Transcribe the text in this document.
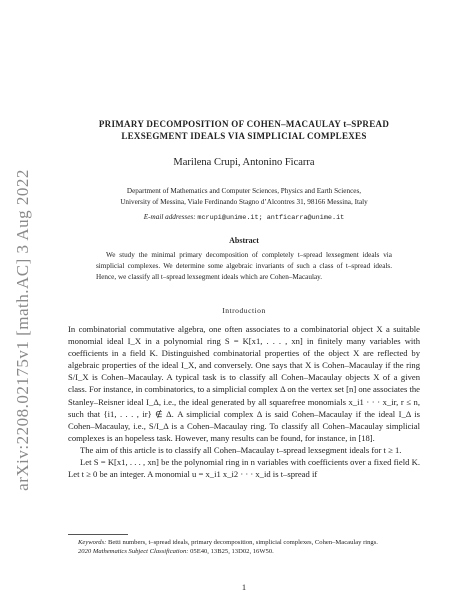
arXiv:2208.02175v1 [math.AC] 3 Aug 2022
PRIMARY DECOMPOSITION OF COHEN–MACAULAY t–SPREAD
LEXSEGMENT IDEALS VIA SIMPLICIAL COMPLEXES
Marilena Crupi, Antonino Ficarra
Department of Mathematics and Computer Sciences, Physics and Earth Sciences,
University of Messina, Viale Ferdinando Stagno d’Alcontres 31, 98166 Messina, Italy
E-mail addresses: mcrupi@unime.it; antficarra@unime.it
Abstract
We study the minimal primary decomposition of completely t–spread lexsegment ideals via simplicial complexes. We determine some algebraic invariants of such a class of t–spread ideals. Hence, we classify all t–spread lexsegment ideals which are Cohen–Macaulay.
Introduction

In combinatorial commutative algebra, one often associates to a combinatorial object X a suitable monomial ideal I_X in a polynomial ring S = K[x1, . . . , xn] in finitely many variables with coefficients in a field K. Distinguished combinatorial properties of the object X are reflected by algebraic properties of the ideal I_X, and conversely. One says that X is Cohen–Macaulay if the ring S/I_X is Cohen–Macaulay. A typical task is to classify all Cohen–Macaulay objects X of a given class. For instance, in combinatorics, to a simplicial complex Δ on the vertex set [n] one associates the Stanley–Reisner ideal I_Δ, i.e., the ideal generated by all squarefree monomials x_i1 · · · x_ir, r ≤ n, such that {i1, . . . , ir} ∉ Δ. A simplicial complex Δ is said Cohen–Macaulay if the ideal I_Δ is Cohen–Macaulay, i.e., S/I_Δ is a Cohen–Macaulay ring. To classify all Cohen–Macaulay simplicial complexes is an hopeless task. However, many results can be found, for instance, in [18].

The aim of this article is to classify all Cohen–Macaulay t–spread lexsegment ideals for t ≥ 1.

Let S = K[x1, . . . , xn] be the polynomial ring in n variables with coefficients over a fixed field K. Let t ≥ 0 be an integer. A monomial u = x_i1 x_i2 · · · x_id is t–spread if

Keywords: Betti numbers, t–spread ideals, primary decomposition, simplicial complexes, Cohen–Macaulay rings.

2020 Mathematics Subject Classification: 05E40, 13B25, 13D02, 16W50.

1
